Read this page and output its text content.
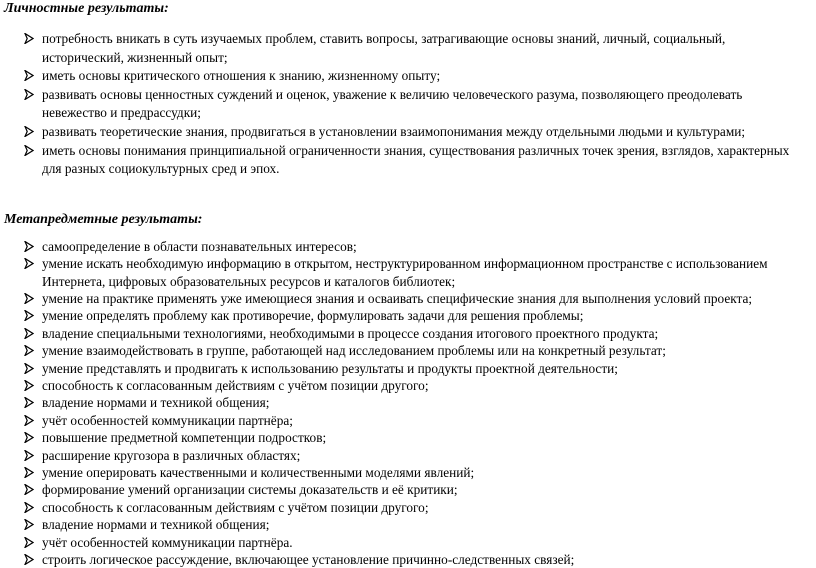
Личностные результаты:
потребность вникать в суть изучаемых проблем, ставить вопросы, затрагивающие основы знаний, личный, социальный, исторический, жизненный опыт;
иметь основы критического отношения к знанию, жизненному опыту;
развивать основы ценностных суждений и оценок, уважение к величию человеческого разума, позволяющего преодолевать невежество и предрассудки;
развивать теоретические знания, продвигаться в установлении взаимопонимания между отдельными людьми и культурами;
иметь основы понимания принципиальной ограниченности знания, существования различных точек зрения, взглядов, характерных для разных социокультурных сред и эпох.
Метапредметные результаты:
самоопределение в области познавательных интересов;
умение искать необходимую информацию в открытом, неструктурированном информационном пространстве с использованием Интернета, цифровых образовательных ресурсов и каталогов библиотек;
умение на практике применять уже имеющиеся знания и осваивать специфические знания для выполнения условий проекта;
умение определять проблему как противоречие, формулировать задачи для решения проблемы;
владение специальными технологиями, необходимыми в процессе создания итогового проектного продукта;
умение взаимодействовать в группе, работающей над исследованием проблемы или на конкретный результат;
умение представлять и продвигать к использованию результаты и продукты проектной деятельности;
способность к согласованным действиям с учётом позиции другого;
владение нормами и техникой общения;
учёт особенностей коммуникации партнёра;
повышение предметной компетенции подростков;
расширение кругозора в различных областях;
умение оперировать качественными и количественными моделями явлений;
формирование умений организации системы доказательств и её критики;
способность к согласованным действиям с учётом позиции другого;
владение нормами и техникой общения;
учёт особенностей коммуникации партнёра.
строить логическое рассуждение, включающее установление причинно-следственных связей;
